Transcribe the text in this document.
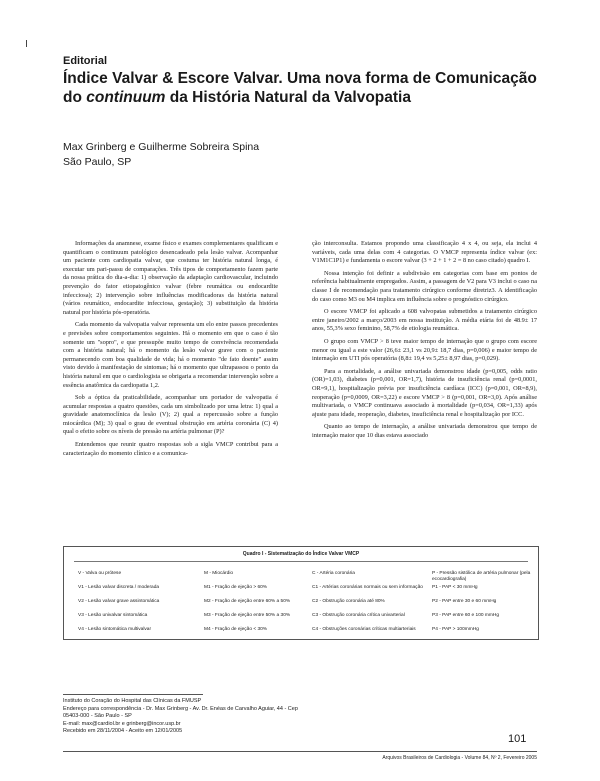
Editorial
Índice Valvar & Escore Valvar. Uma nova forma de Comunicação do continuum da História Natural da Valvopatia
Max Grinberg e Guilherme Sobreira Spina
São Paulo, SP

Informações da anamnese, exame físico e exames complementares qualificam e quantificam o continuum patológico desencadeado pela lesão valvar. Acompanhar um paciente com cardiopatia valvar, que costuma ter história natural longa, é executar um pari-passu de comparações. Três tipos de comportamento fazem parte da nossa prática do dia-a-dia: 1) observação da adaptação cardiovascular, incluindo prevenção do fator etiopatogênico valvar (febre reumática ou endocardite infecciosa); 2) intervenção sobre influências modificadoras da história natural (vários reumático, endocardite infecciosa, gestação); 3) substituição da história natural por história pós-operatória.

Cada momento da valvopatia valvar representa um elo entre passos precedentes e previsões sobre comportamentos seguintes. Há o momento em que o caso é tão somente um "sopro", e que pressupõe muito tempo de convivência recomendada com a história natural; há o momento da lesão valvar grave com o paciente permanecendo com boa qualidade de vida; há o momento "de fato doente" assim visto devido à manifestação de sintomas; há o momento que ultrapassou o ponto da história natural em que o cardiologista se obrigaria a recomendar intervenção sobre a essência anatômica da cardiopatia 1,2.

Sob a óptica da praticabilidade, acompanhar um portador de valvopatia é acumular respostas a quatro questões, cada um simbolizado por uma letra: 1) qual a gravidade anatomoclínica da lesão (V); 2) qual a repercussão sobre a função miocárdica (M); 3) qual o grau de eventual obstrução em artéria coronária (C) 4) qual o efeito sobre os níveis de pressão na artéria pulmonar (P)?

Entendemos que reunir quatro respostas sob a sigla VMCP contribui para a caracterização do momento clínico e a comunica-

ção interconsulta. Estamos propondo uma classificação 4 x 4, ou seja, ela inclui 4 variáveis, cada uma delas com 4 categorias. O VMCP representa índice valvar (ex: V1M1C1P1) e fundamenta o escore valvar (3 + 2 + 1 + 2 = 8 no caso citado) quadro I.

Nossa intenção foi definir a subdivisão em categorias com base em pontos de referência habitualmente empregados. Assim, a passagem de V2 para V3 inclui o caso na classe I de recomendação para tratamento cirúrgico conforme diretriz3. A identificação do caso como M3 ou M4 implica em influência sobre o prognóstico cirúrgico.

O escore VMCP foi aplicado a 608 valvopatas submetidos a tratamento cirúrgico entre janeiro/2002 a março/2003 em nossa instituição. A média etária foi de 48.9± 17 anos, 55,3% sexo feminino, 58,7% de etiologia reumática.

O grupo com VMCP > 8 teve maior tempo de internação que o grupo com escore menor ou igual a este valor (26,6± 23,1 vs 20,9± 18,7 dias, p=0,006) e maior tempo de internação em UTI pós operatória (8,8± 19,4 vs 5,25± 8,97 dias, p=0,029).

Para a mortalidade, a análise univariada demonstrou idade (p=0,005, odds ratio (OR)=1,03), diabetes (p=0,001, OR=1,7), história de insuficiência renal (p=0,0001, OR=9,1), hospitalização prévia por insuficiência cardíaca (ICC) (p=0,001, OR=8,9), reoperação (p=0,0009, OR=3,22) e escore VMCP > 8 (p=0,001, OR=3,0). Após análise multivariada, o VMCP continuava associado à mortalidade (p=0,034, OR=1,33) após ajuste para idade, reoperação, diabetes, insuficiência renal e hospitalização por ICC.

Quanto ao tempo de internação, a análise univariada demonstrou que tempo de internação maior que 10 dias estava associado

Quadro I - Sistematização do Índice Valvar VMCP
V - Valva ou prótese
V1 - Lesão valvar discreta / moderada
V2 - Lesão valvar grave assintomática
V3 - Lesão univalvar sintomática
V4 - Lesão sintomática multivalvar
M - Miocárdio
M1 - Fração de ejeção > 60%
M2 - Fração de ejeção entre 60% a 50%
M3 - Fração de ejeção entre 50% a 30%
M4 - Fração de ejeção < 30%
C - Artéria coronária
C1 - Artérias coronárias normais ou sem informação
C2 - Obstrução coronária até 80%
C3 - Obstrução coronária crítica univarterial
C4 - Obstruções coronárias críticas multiarteriais
P - Pressão sistólica de artéria pulmonar (pela ecocardiografia)
P1 - PAP < 30 mmHg
P2 - PAP entre 30 e 60 mmHg
P3 - PAP entre 60 e 100 mmHg
P4 - PAP > 100mmHg
Instituto do Coração do Hospital das Clínicas da FMUSP
Endereço para correspondência - Dr. Max Grinberg - Av. Dr. Enéas de Carvalho Aguiar, 44 - Cep 05403-000 - São Paulo - SP
E-mail: max@cardiol.br e grinberg@incor.usp.br
Recebido em 28/11/2004 - Aceito em 12/01/2005
101
Arquivos Brasileiros de Cardiologia - Volume 84, Nº 2, Fevereiro 2005
